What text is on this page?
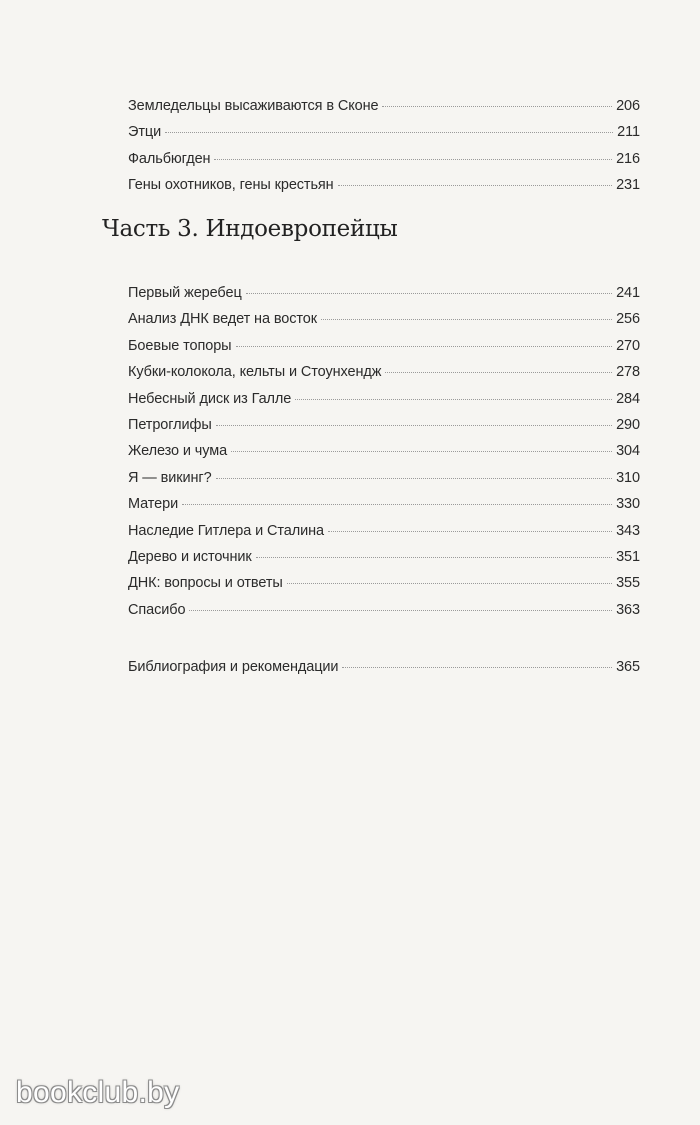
Земледельцы высаживаются в Сконе	206
Этци	211
Фальбюгден	216
Гены охотников, гены крестьян	231
Часть 3. Индоевропейцы
Первый жеребец	241
Анализ ДНК ведет на восток	256
Боевые топоры	270
Кубки-колокола, кельты и Стоунхендж	278
Небесный диск из Галле	284
Петроглифы	290
Железо и чума	304
Я — викинг?	310
Матери	330
Наследие Гитлера и Сталина	343
Дерево и источник	351
ДНК: вопросы и ответы	355
Спасибо	363
Библиография и рекомендации	365
bookclub.by
